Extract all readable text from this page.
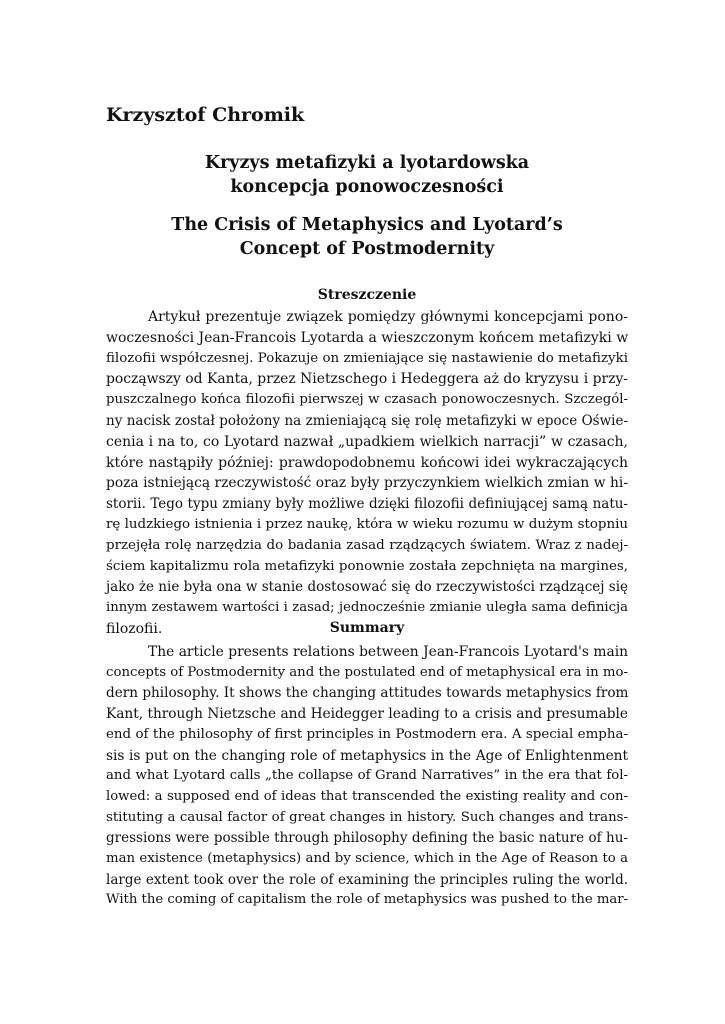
Krzysztof Chromik
Kryzys metafizyki a lyotardowska
koncepcja ponowoczesności
The Crisis of Metaphysics and Lyotard’s
Concept of Postmodernity
Streszczenie
Artykuł prezentuje związek pomiędzy głównymi koncepcjami pono-
woczesności Jean-Francois Lyotarda a wieszczonym końcem metafizyki w
filozofii współczesnej. Pokazuje on zmieniające się nastawienie do metafizyki
począwszy od Kanta, przez Nietzschego i Hedeggera aż do kryzysu i przy-
puszczalnego końca filozofii pierwszej w czasach ponowoczesnych. Szczegól-
ny nacisk został położony na zmieniającą się rolę metafizyki w epoce Oświe-
cenia i na to, co Lyotard nazwał „upadkiem wielkich narracji” w czasach,
które nastąpiły później: prawdopodobnemu końcowi idei wykraczających
poza istniejącą rzeczywistość oraz były przyczynkiem wielkich zmian w hi-
storii. Tego typu zmiany były możliwe dzięki filozofii definiującej samą natu-
rę ludzkiego istnienia i przez naukę, która w wieku rozumu w dużym stopniu
przejęła rolę narzędzia do badania zasad rządzących światem. Wraz z nadej-
ściem kapitalizmu rola metafizyki ponownie została zepchnięta na margines,
jako że nie była ona w stanie dostosować się do rzeczywistości rządzącej się
innym zestawem wartości i zasad; jednocześnie zmianie uległa sama definicja
filozofii.	Summary
The article presents relations between Jean-Francois Lyotard's main
concepts of Postmodernity and the postulated end of metaphysical era in mo-
dern philosophy. It shows the changing attitudes towards metaphysics from
Kant, through Nietzsche and Heidegger leading to a crisis and presumable
end of the philosophy of first principles in Postmodern era. A special empha-
sis is put on the changing role of metaphysics in the Age of Enlightenment
and what Lyotard calls „the collapse of Grand Narratives” in the era that fol-
lowed: a supposed end of ideas that transcended the existing reality and con-
stituting a causal factor of great changes in history. Such changes and trans-
gressions were possible through philosophy defining the basic nature of hu-
man existence (metaphysics) and by science, which in the Age of Reason to a
large extent took over the role of examining the principles ruling the world.
With the coming of capitalism the role of metaphysics was pushed to the mar-
